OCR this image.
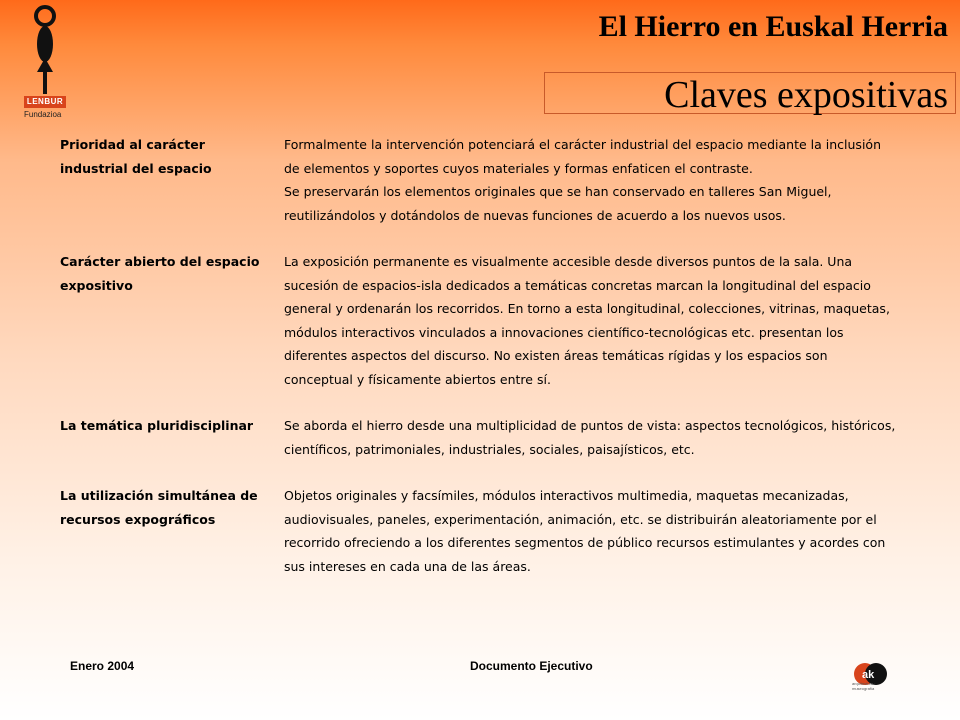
LENBUR
Fundazioa
El Hierro en Euskal Herria
Claves expositivas
Prioridad al carácter
industrial del espacio

Formalmente la intervención potenciará el carácter industrial del espacio mediante la inclusión de elementos y soportes cuyos materiales y formas enfaticen el contraste.

Se preservarán los elementos originales que se han conservado en talleres San Miguel, reutilizándolos y dotándolos de nuevas funciones de acuerdo a los nuevos usos.

Carácter abierto del espacio
expositivo

La exposición permanente es visualmente accesible desde diversos puntos de la sala. Una sucesión de espacios-isla dedicados a temáticas concretas marcan la longitudinal del espacio general y ordenarán los recorridos. En torno a esta longitudinal, colecciones, vitrinas, maquetas, módulos interactivos vinculados a innovaciones científico-tecnológicas etc. presentan los diferentes aspectos del discurso. No existen áreas temáticas rígidas y los espacios son conceptual y físicamente abiertos entre sí.

La temática pluridisciplinar	Se aborda el hierro desde una multiplicidad de puntos de vista: aspectos tecnológicos, históricos, científicos, patrimoniales, industriales, sociales, paisajísticos, etc.

La utilización simultánea de
recursos expográficos

Objetos originales y facsímiles, módulos interactivos multimedia, maquetas mecanizadas, audiovisuales, paneles, experimentación, animación, etc. se distribuirán aleatoriamente por el recorrido ofreciendo a los diferentes segmentos de público recursos estimulantes y acordes con sus intereses en cada una de las áreas.

Enero 2004	Documento Ejecutivo
ak
arquitectura · museografía
